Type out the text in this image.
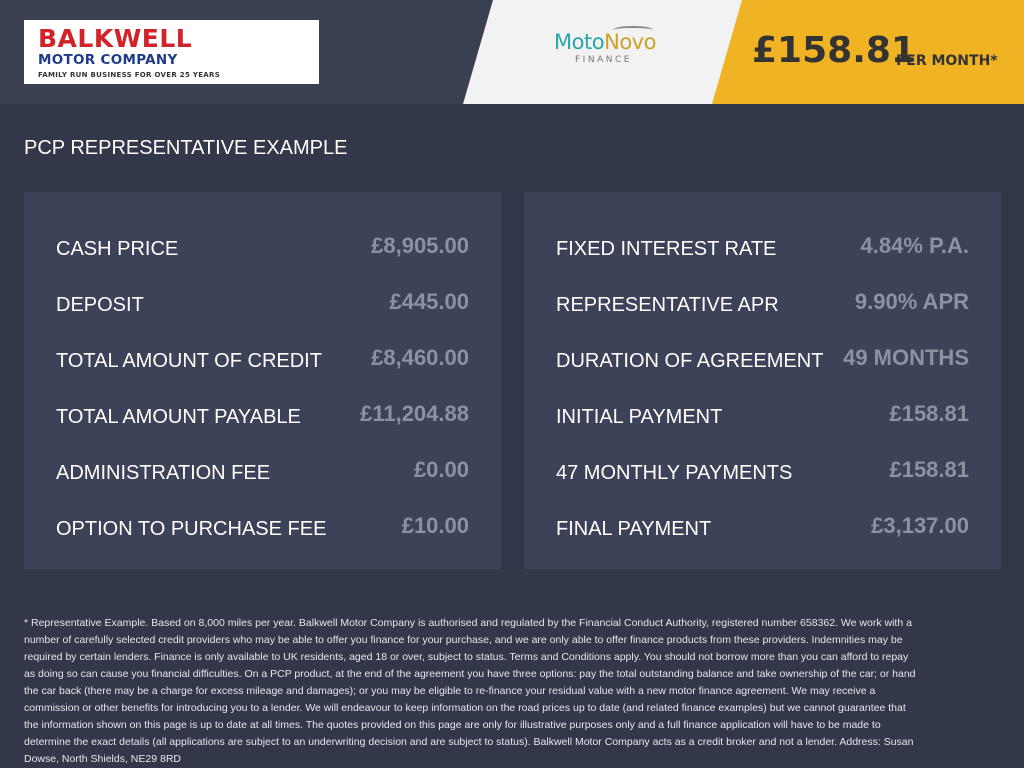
BALKWELL
MOTOR COMPANY
FAMILY RUN BUSINESS FOR OVER 25 YEARS
MotoNovo
FINANCE	£158.81
PER MONTH*
PCP REPRESENTATIVE EXAMPLE
CASH PRICE	£8,905.00
DEPOSIT	£445.00
TOTAL AMOUNT OF CREDIT £8,460.00
TOTAL AMOUNT PAYABLE	£11,204.88
ADMINISTRATION FEE	£0.00
OPTION TO PURCHASE FEE	£10.00
FIXED INTEREST RATE	4.84% P.A.
REPRESENTATIVE APR	9.90% APR
DURATION OF AGREEMENT 49 MONTHS
INITIAL PAYMENT	£158.81
47 MONTHLY PAYMENTS	£158.81
FINAL PAYMENT	£3,137.00
* Representative Example. Based on 8,000 miles per year. Balkwell Motor Company is authorised and regulated by the Financial Conduct Authority, registered number 658362. We work with a number of carefully selected credit providers who may be able to offer you finance for your purchase, and we are only able to offer finance products from these providers. Indemnities may be required by certain lenders. Finance is only available to UK residents, aged 18 or over, subject to status. Terms and Conditions apply. You should not borrow more than you can afford to repay as doing so can cause you financial difficulties. On a PCP product, at the end of the agreement you have three options: pay the total outstanding balance and take ownership of the car; or hand the car back (there may be a charge for excess mileage and damages); or you may be eligible to re-finance your residual value with a new motor finance agreement. We may receive a commission or other benefits for introducing you to a lender. We will endeavour to keep information on the road prices up to date (and related finance examples) but we cannot guarantee that the information shown on this page is up to date at all times. The quotes provided on this page are only for illustrative purposes only and a full finance application will have to be made to determine the exact details (all applications are subject to an underwriting decision and are subject to status). Balkwell Motor Company acts as a credit broker and not a lender. Address: Susan Dowse, North Shields, NE29 8RD
